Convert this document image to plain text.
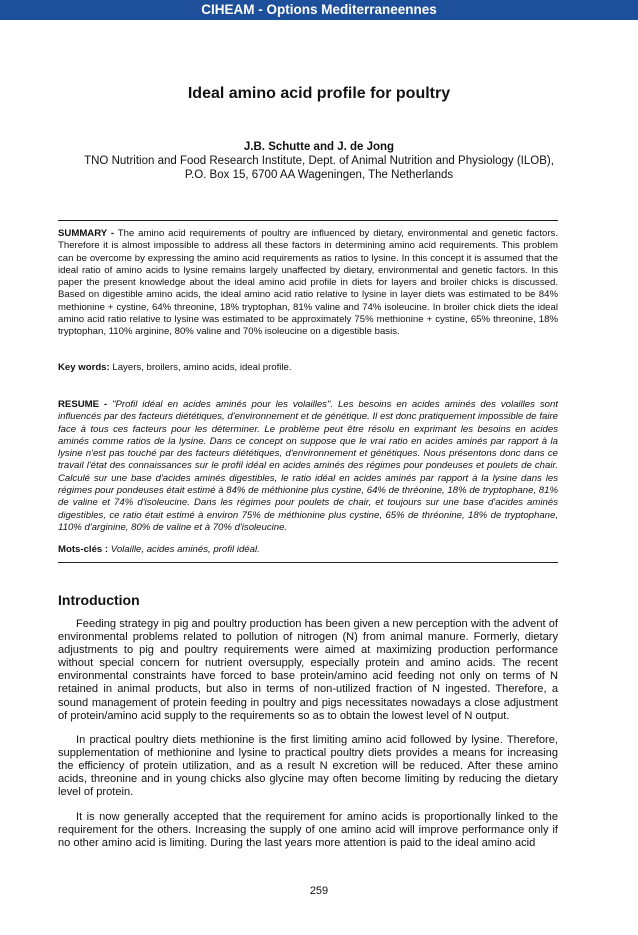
CIHEAM - Options Mediterraneennes
Ideal amino acid profile for poultry
J.B. Schutte and J. de Jong
TNO Nutrition and Food Research Institute, Dept. of Animal Nutrition and Physiology (ILOB),
P.O. Box 15, 6700 AA Wageningen, The Netherlands

SUMMARY - The amino acid requirements of poultry are influenced by dietary, environmental and genetic factors. Therefore it is almost impossible to address all these factors in determining amino acid requirements. This problem can be overcome by expressing the amino acid requirements as ratios to lysine. In this concept it is assumed that the ideal ratio of amino acids to lysine remains largely unaffected by dietary, environmental and genetic factors. In this paper the present knowledge about the ideal amino acid profile in diets for layers and broiler chicks is discussed. Based on digestible amino acids, the ideal amino acid ratio relative to lysine in layer diets was estimated to be 84% methionine + cystine, 64% threonine, 18% tryptophan, 81% valine and 74% isoleucine. In broiler chick diets the ideal amino acid ratio relative to lysine was estimated to be approximately 75% methionine + cystine, 65% threonine, 18% tryptophan, 110% arginine, 80% valine and 70% isoleucine on a digestible basis.

Key words: Layers, broilers, amino acids, ideal profile.

RESUME - "Profil idéal en acides aminés pour les volailles". Les besoins en acides aminés des volailles sont influencés par des facteurs diététiques, d'environnement et de génétique. Il est donc pratiquement impossible de faire face à tous ces facteurs pour les déterminer. Le problème peut être résolu en exprimant les besoins en acides aminés comme ratios de la lysine. Dans ce concept on suppose que le vrai ratio en acides aminés par rapport à la lysine n'est pas touché par des facteurs diététiques, d'environnement et génétiques. Nous présentons donc dans ce travail l'état des connaissances sur le profil idéal en acides aminés des régimes pour pondeuses et poulets de chair. Calculé sur une base d'acides aminés digestibles, le ratio idéal en acides aminés par rapport à la lysine dans les régimes pour pondeuses était estimé à 84% de méthionine plus cystine, 64% de thréonine, 18% de tryptophane, 81% de valine et 74% d'isoleucine. Dans les régimes pour poulets de chair, et toujours sur une base d'acides aminés digestibles, ce ratio était estimé à environ 75% de méthionine plus cystine, 65% de thréonine, 18% de tryptophane, 110% d'arginine, 80% de valine et à 70% d'isoleucine.

Mots-clés : Volaille, acides aminés, profil idéal.

Introduction

Feeding strategy in pig and poultry production has been given a new perception with the advent of environmental problems related to pollution of nitrogen (N) from animal manure. Formerly, dietary adjustments to pig and poultry requirements were aimed at maximizing production performance without special concern for nutrient oversupply, especially protein and amino acids. The recent environmental constraints have forced to base protein/amino acid feeding not only on terms of N retained in animal products, but also in terms of non-utilized fraction of N ingested. Therefore, a sound management of protein feeding in poultry and pigs necessitates nowadays a close adjustment of protein/amino acid supply to the requirements so as to obtain the lowest level of N output.

In practical poultry diets methionine is the first limiting amino acid followed by lysine. Therefore, supplementation of methionine and lysine to practical poultry diets provides a means for increasing the efficiency of protein utilization, and as a result N excretion will be reduced. After these amino acids, threonine and in young chicks also glycine may often become limiting by reducing the dietary level of protein.

It is now generally accepted that the requirement for amino acids is proportionally linked to the requirement for the others. Increasing the supply of one amino acid will improve performance only if no other amino acid is limiting. During the last years more attention is paid to the ideal amino acid

259
